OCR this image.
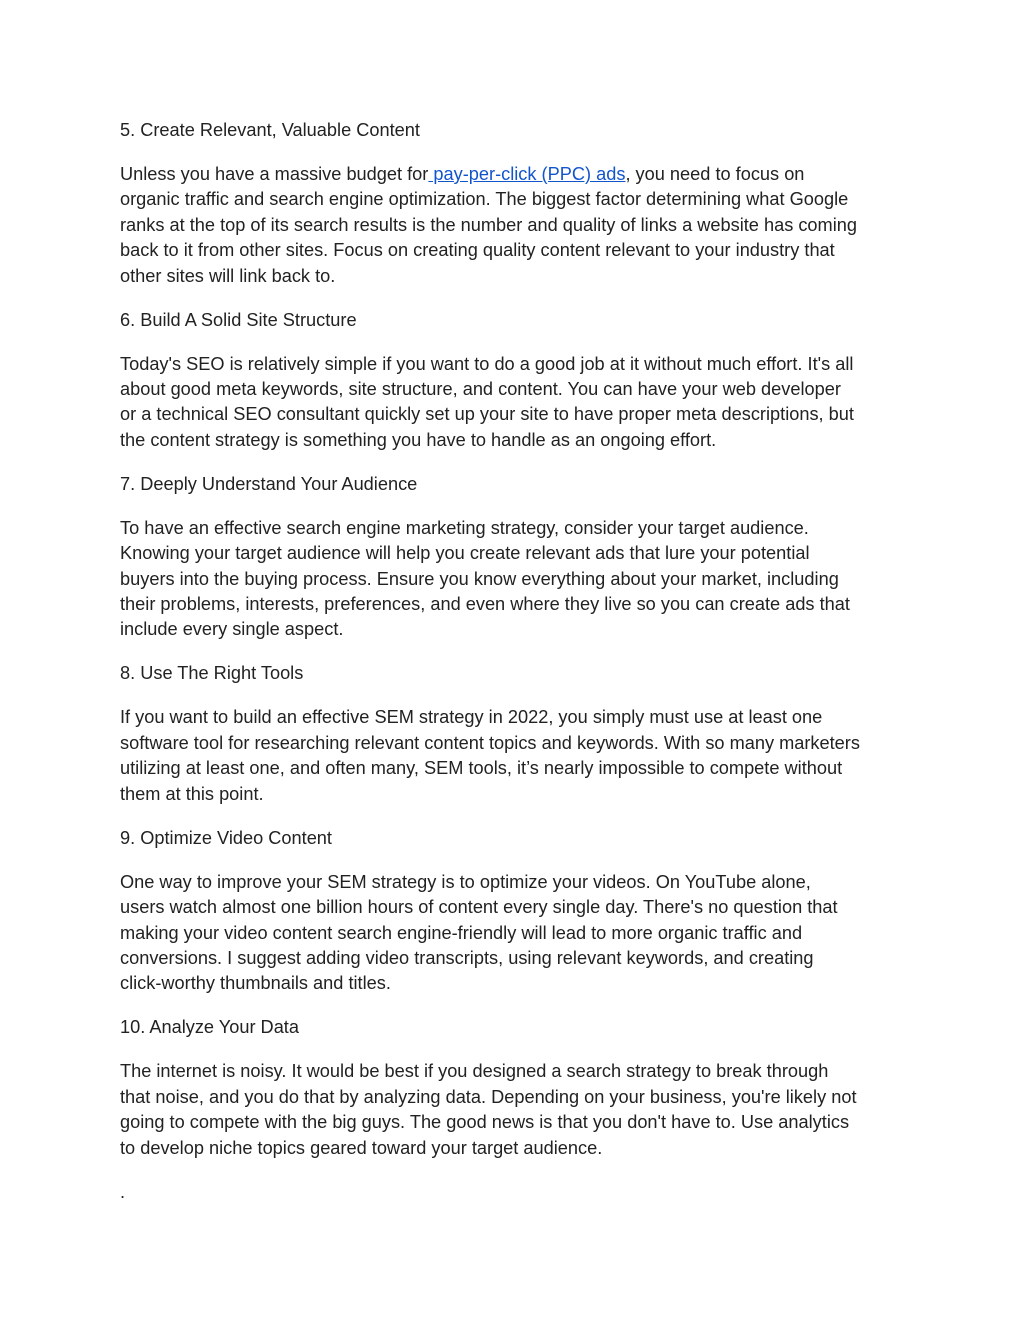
5. Create Relevant, Valuable Content

Unless you have a massive budget for pay-per-click (PPC) ads, you need to focus on
organic traffic and search engine optimization. The biggest factor determining what Google
ranks at the top of its search results is the number and quality of links a website has coming
back to it from other sites. Focus on creating quality content relevant to your industry that
other sites will link back to.

6. Build A Solid Site Structure

Today's SEO is relatively simple if you want to do a good job at it without much effort. It's all
about good meta keywords, site structure, and content. You can have your web developer
or a technical SEO consultant quickly set up your site to have proper meta descriptions, but
the content strategy is something you have to handle as an ongoing effort.

7. Deeply Understand Your Audience

To have an effective search engine marketing strategy, consider your target audience.
Knowing your target audience will help you create relevant ads that lure your potential
buyers into the buying process. Ensure you know everything about your market, including
their problems, interests, preferences, and even where they live so you can create ads that
include every single aspect.

8. Use The Right Tools

If you want to build an effective SEM strategy in 2022, you simply must use at least one
software tool for researching relevant content topics and keywords. With so many marketers
utilizing at least one, and often many, SEM tools, it’s nearly impossible to compete without
them at this point.

9. Optimize Video Content

One way to improve your SEM strategy is to optimize your videos. On YouTube alone,
users watch almost one billion hours of content every single day. There's no question that
making your video content search engine-friendly will lead to more organic traffic and
conversions. I suggest adding video transcripts, using relevant keywords, and creating
click-worthy thumbnails and titles.

10. Analyze Your Data

The internet is noisy. It would be best if you designed a search strategy to break through
that noise, and you do that by analyzing data. Depending on your business, you're likely not
going to compete with the big guys. The good news is that you don't have to. Use analytics
to develop niche topics geared toward your target audience.

.
